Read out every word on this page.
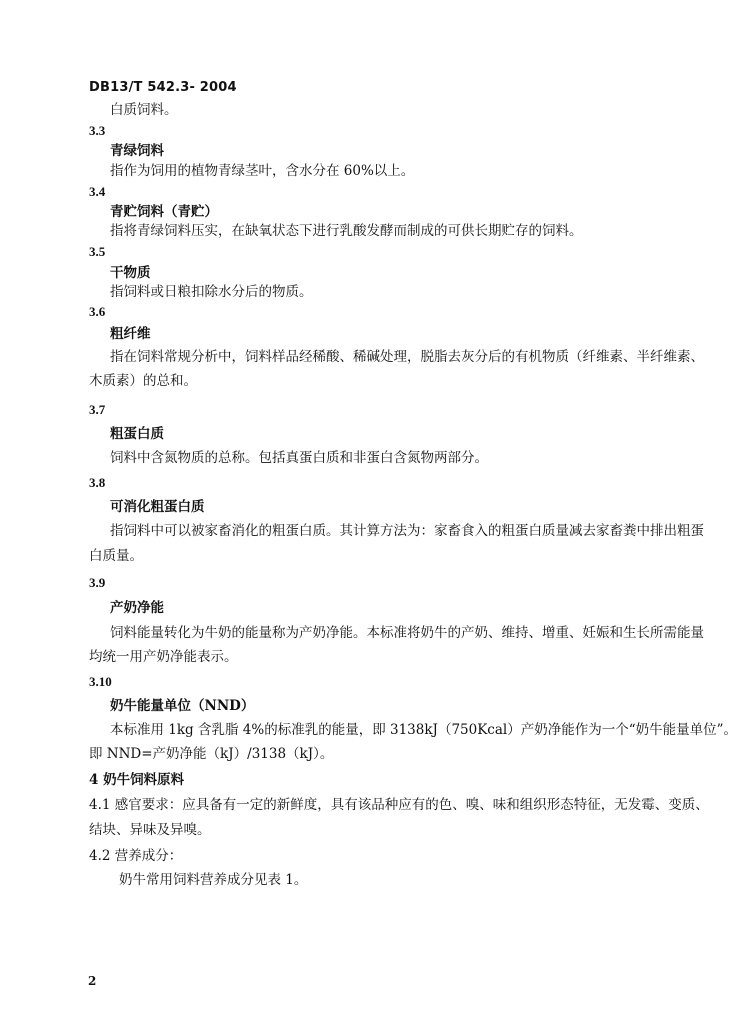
DB13/T 542.3- 2004
白质饲料。
3.3
青绿饲料
指作为饲用的植物青绿茎叶，含水分在 60%以上。
3.4
青贮饲料（青贮）
指将青绿饲料压实，在缺氧状态下进行乳酸发酵而制成的可供长期贮存的饲料。
3.5
干物质
指饲料或日粮扣除水分后的物质。
3.6
粗纤维
指在饲料常规分析中，饲料样品经稀酸、稀碱处理，脱脂去灰分后的有机物质（纤维素、半纤维素、
木质素）的总和。
3.7
粗蛋白质
饲料中含氮物质的总称。包括真蛋白质和非蛋白含氮物两部分。
3.8
可消化粗蛋白质
指饲料中可以被家畜消化的粗蛋白质。其计算方法为：家畜食入的粗蛋白质量减去家畜粪中排出粗蛋
白质量。
3.9
产奶净能
饲料能量转化为牛奶的能量称为产奶净能。本标准将奶牛的产奶、维持、增重、妊娠和生长所需能量
均统一用产奶净能表示。
3.10
奶牛能量单位（NND）
本标准用 1kg 含乳脂 4%的标准乳的能量，即 3138kJ（750Kcal）产奶净能作为一个“奶牛能量单位”。
即 NND=产奶净能（kJ）/3138（kJ）。
4 奶牛饲料原料
4.1 感官要求：应具备有一定的新鲜度，具有该品种应有的色、嗅、味和组织形态特征，无发霉、变质、
结块、异味及异嗅。
4.2 营养成分：
奶牛常用饲料营养成分见表 1。
2
